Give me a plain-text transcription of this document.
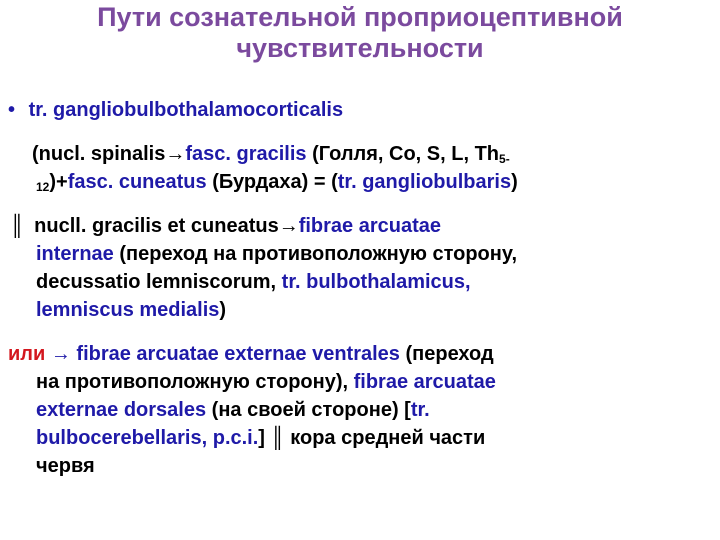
Пути сознательной проприоцептивной
чувствительности
• tr. gangliobulbothalamocorticalis
(nucl. spinalis→fasc. gracilis (Голля, Со, S, L, $Th_{5-}$
$_{12}$)+fasc. cuneatus (Бурдаха) = (tr. gangliobulbaris)
║ nucll. gracilis et cuneatus→fibrae arcuatae
internae (переход на противоположную сторону,
decussatio lemniscorum, tr. bulbothalamicus,
lemniscus medialis)
или → fibrae arcuatae externae ventrales (переход
на противоположную сторону), fibrae arcuatae
externae dorsales (на своей стороне) [tr.
bulbocerebellaris, p.c.i.] ║ кора средней части
червя
